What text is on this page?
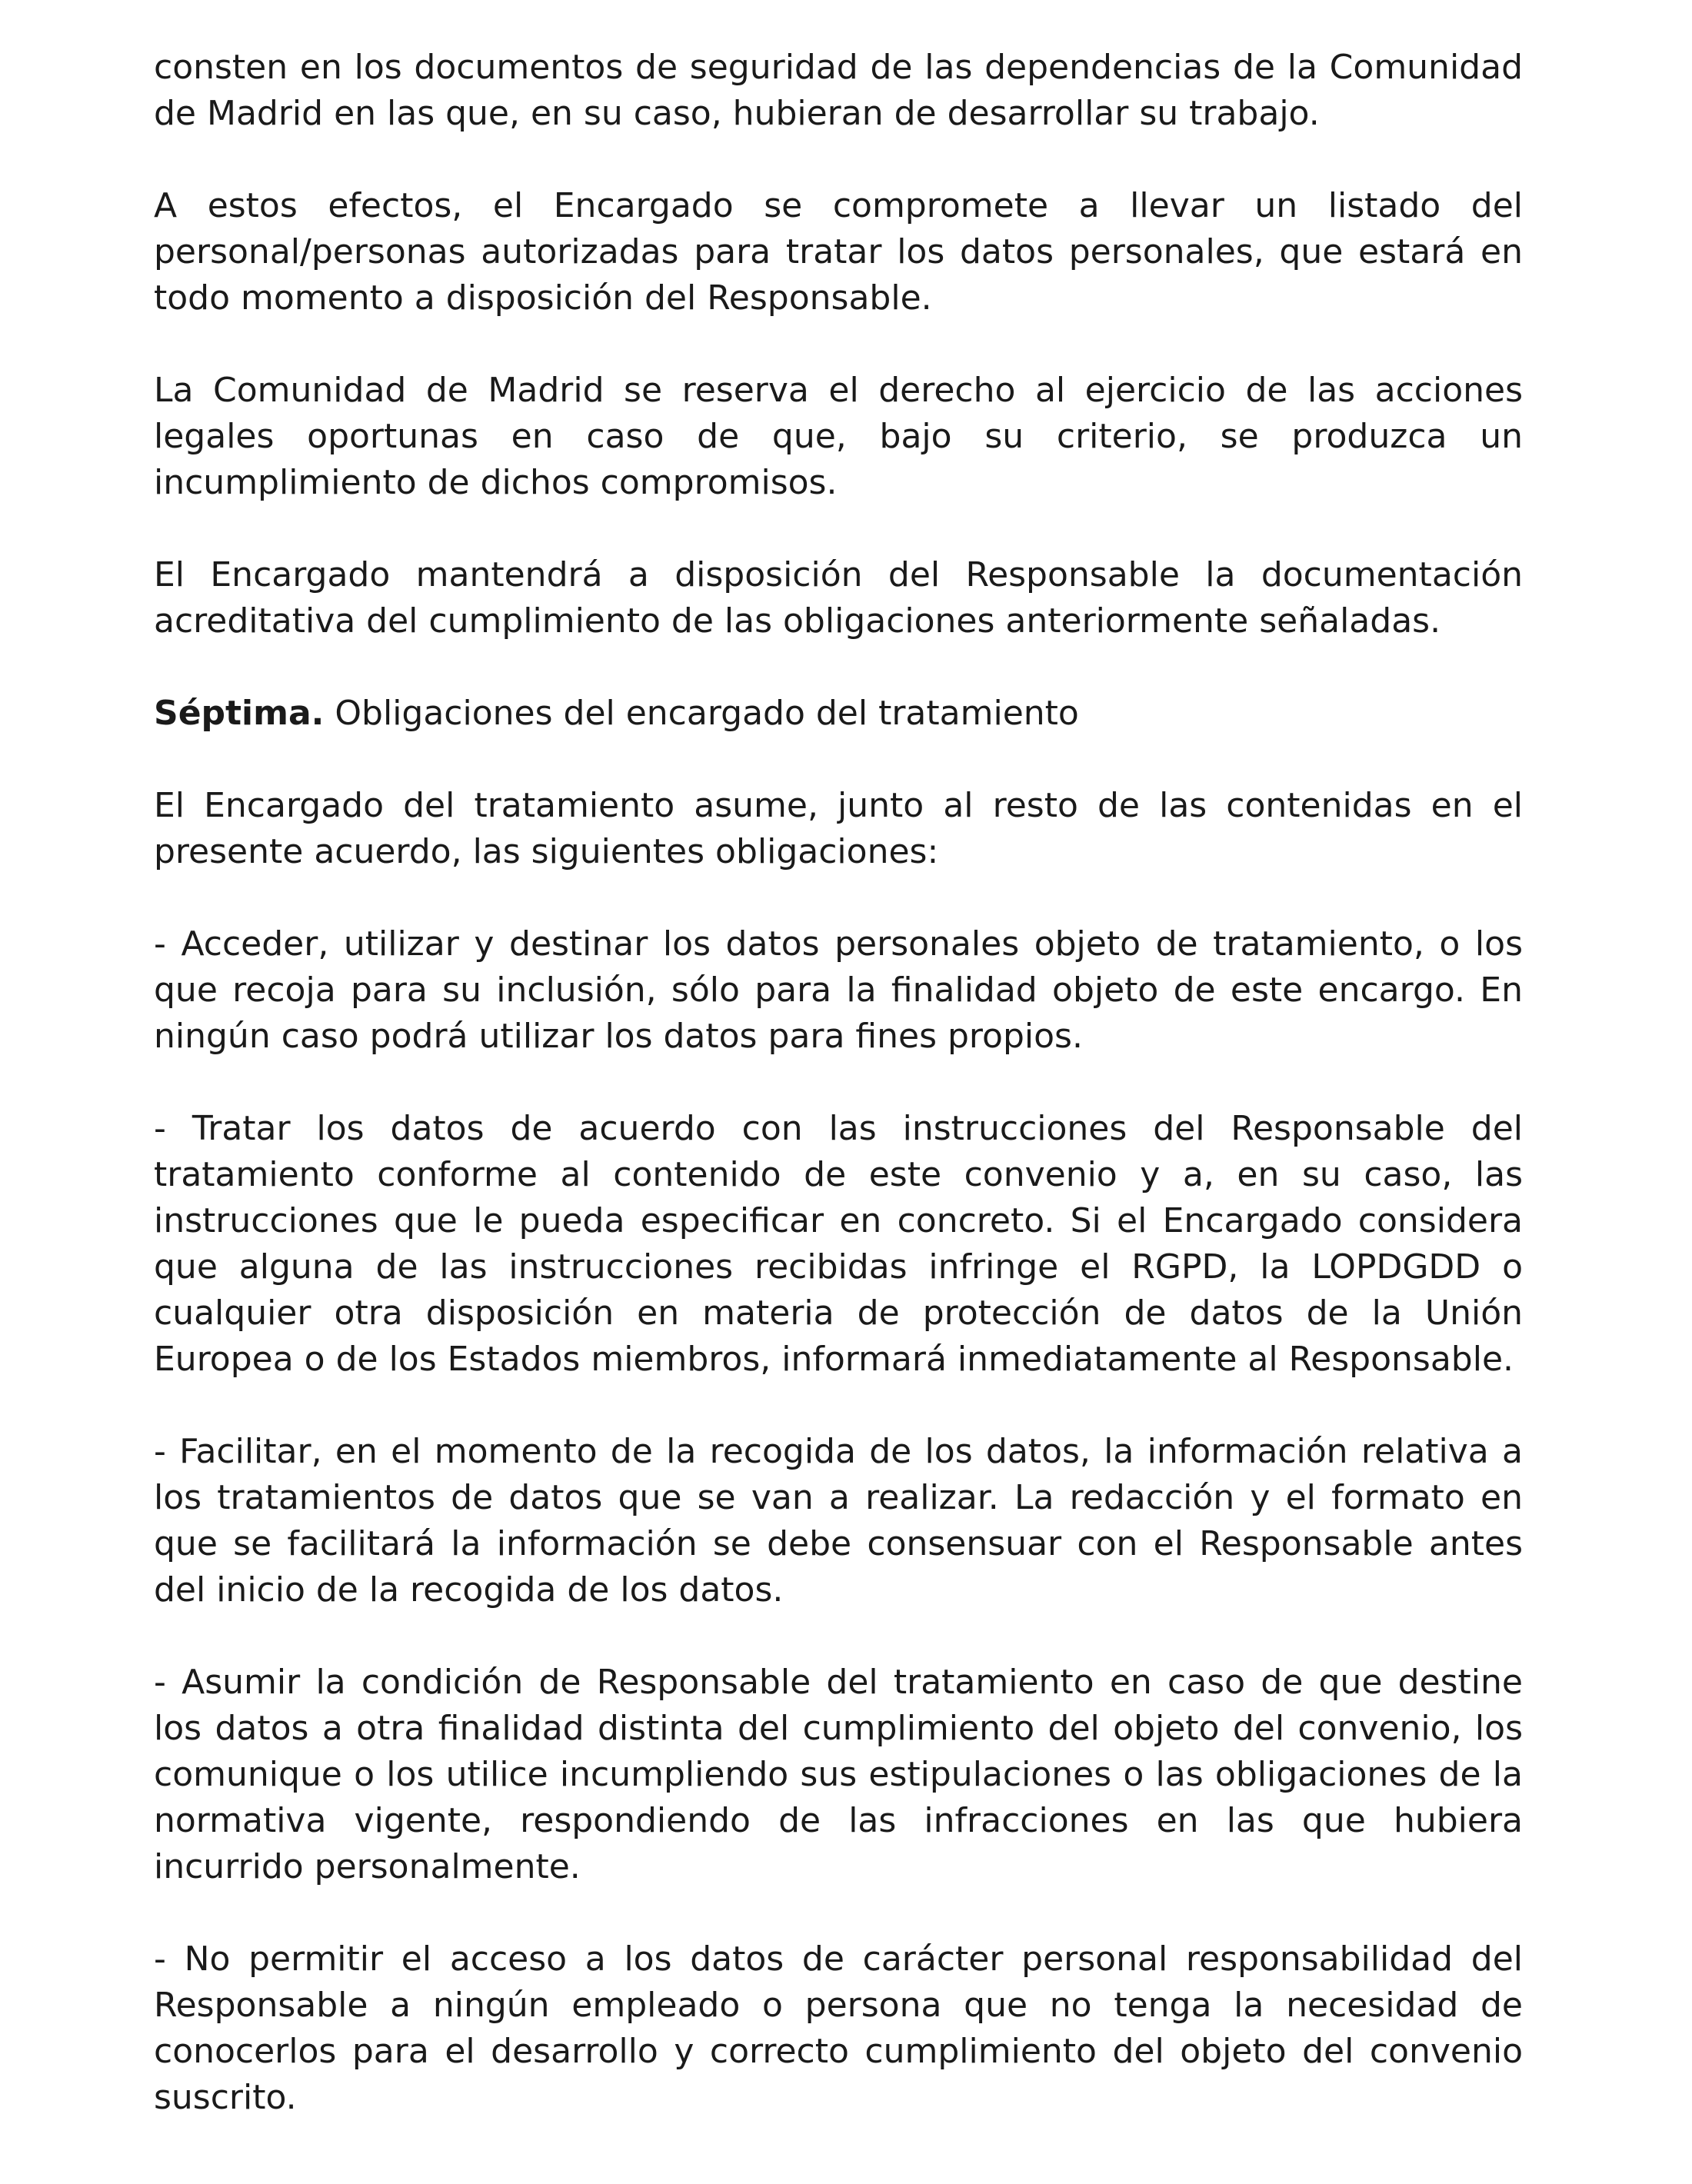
consten en los documentos de seguridad de las dependencias de la Comunidad de Madrid en las que, en su caso, hubieran de desarrollar su trabajo.

A estos efectos, el Encargado se compromete a llevar un listado del personal/personas autorizadas para tratar los datos personales, que estará en todo momento a disposición del Responsable.

La Comunidad de Madrid se reserva el derecho al ejercicio de las acciones legales oportunas en caso de que, bajo su criterio, se produzca un incumplimiento de dichos compromisos.

El Encargado mantendrá a disposición del Responsable la documentación acreditativa del cumplimiento de las obligaciones anteriormente señaladas.

Séptima. Obligaciones del encargado del tratamiento

El Encargado del tratamiento asume, junto al resto de las contenidas en el presente acuerdo, las siguientes obligaciones:

- Acceder, utilizar y destinar los datos personales objeto de tratamiento, o los que recoja para su inclusión, sólo para la finalidad objeto de este encargo. En ningún caso podrá utilizar los datos para fines propios.

- Tratar los datos de acuerdo con las instrucciones del Responsable del tratamiento conforme al contenido de este convenio y a, en su caso, las instrucciones que le pueda especificar en concreto. Si el Encargado considera que alguna de las instrucciones recibidas infringe el RGPD, la LOPDGDD o cualquier otra disposición en materia de protección de datos de la Unión Europea o de los Estados miembros, informará inmediatamente al Responsable.

- Facilitar, en el momento de la recogida de los datos, la información relativa a los tratamientos de datos que se van a realizar. La redacción y el formato en que se facilitará la información se debe consensuar con el Responsable antes del inicio de la recogida de los datos.

- Asumir la condición de Responsable del tratamiento en caso de que destine los datos a otra finalidad distinta del cumplimiento del objeto del convenio, los comunique o los utilice incumpliendo sus estipulaciones o las obligaciones de la normativa vigente, respondiendo de las infracciones en las que hubiera incurrido personalmente.

- No permitir el acceso a los datos de carácter personal responsabilidad del Responsable a ningún empleado o persona que no tenga la necesidad de conocerlos para el desarrollo y correcto cumplimiento del objeto del convenio suscrito.
